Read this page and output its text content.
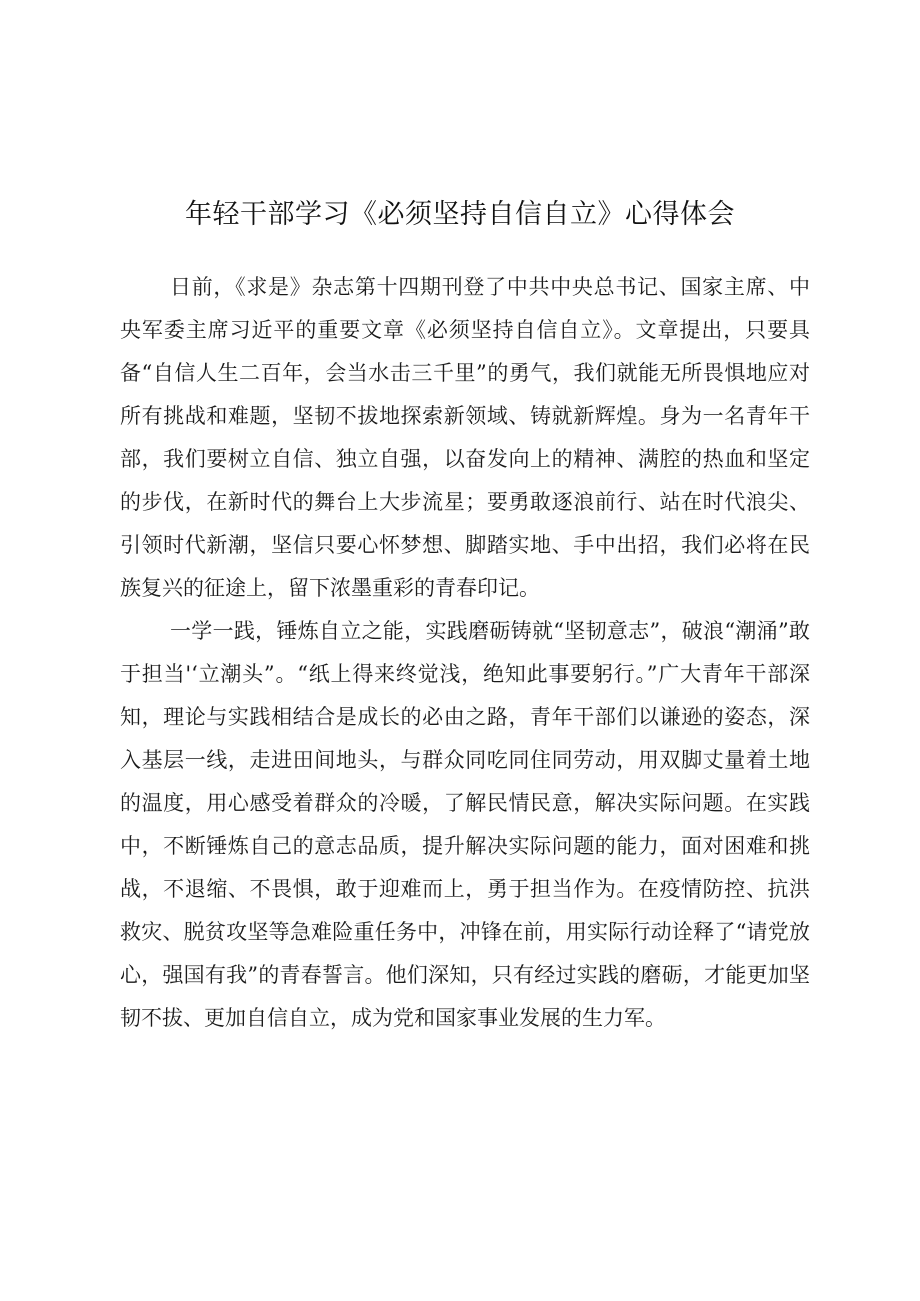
年轻干部学习《必须坚持自信自立》心得体会

日前，《求是》杂志第十四期刊登了中共中央总书记、国家主席、中央军委主席习近平的重要文章《必须坚持自信自立》。文章提出，只要具备“自信人生二百年，会当水击三千里”的勇气，我们就能无所畏惧地应对所有挑战和难题，坚韧不拔地探索新领域、铸就新辉煌。身为一名青年干部，我们要树立自信、独立自强，以奋发向上的精神、满腔的热血和坚定的步伐，在新时代的舞台上大步流星；要勇敢逐浪前行、站在时代浪尖、引领时代新潮，坚信只要心怀梦想、脚踏实地、手中出招，我们必将在民族复兴的征途上，留下浓墨重彩的青春印记。

一学一践，锤炼自立之能，实践磨砺铸就“坚韧意志”，破浪“潮涌”敢于担当'‘立潮头”。“纸上得来终觉浅，绝知此事要躬行。”广大青年干部深知，理论与实践相结合是成长的必由之路，青年干部们以谦逊的姿态，深入基层一线，走进田间地头，与群众同吃同住同劳动，用双脚丈量着土地的温度，用心感受着群众的冷暖，了解民情民意，解决实际问题。在实践中，不断锤炼自己的意志品质，提升解决实际问题的能力，面对困难和挑战，不退缩、不畏惧，敢于迎难而上，勇于担当作为。在疫情防控、抗洪救灾、脱贫攻坚等急难险重任务中，冲锋在前，用实际行动诠释了“请党放心，强国有我”的青春誓言。他们深知，只有经过实践的磨砺，才能更加坚韧不拔、更加自信自立，成为党和国家事业发展的生力军。
